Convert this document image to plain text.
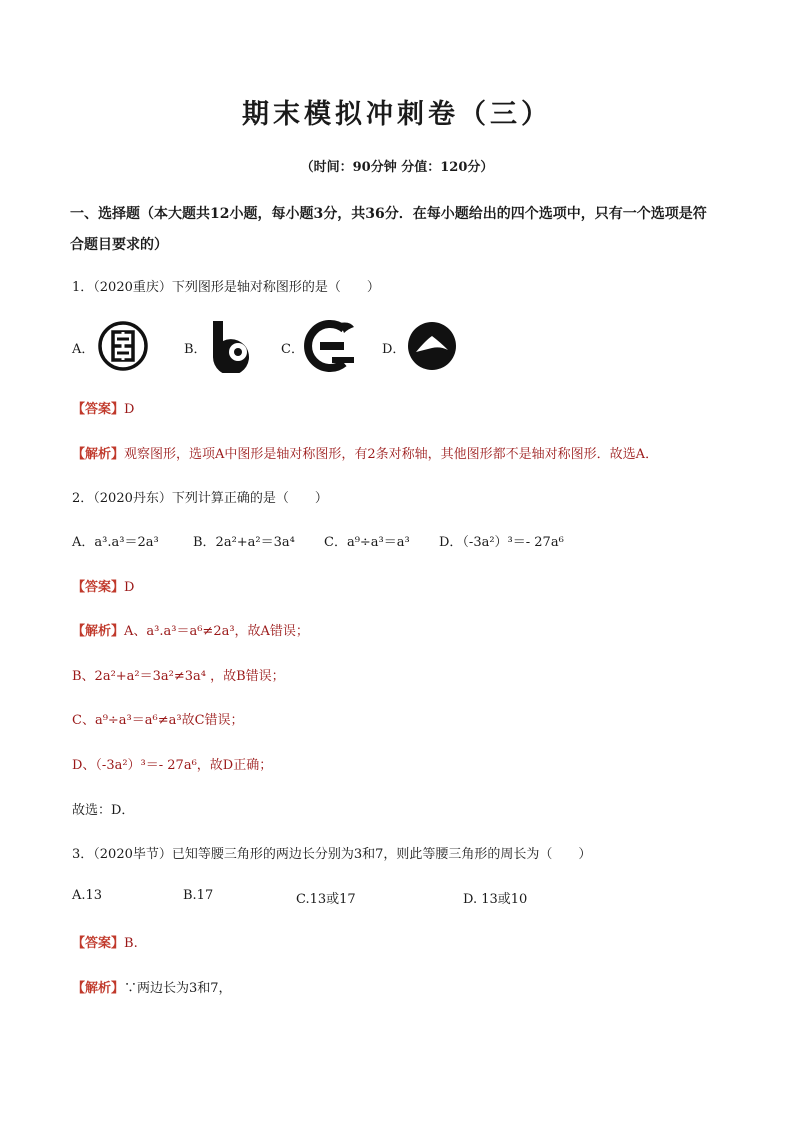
期末模拟冲刺卷（三）
（时间：90分钟 分值：120分）
一、选择题（本大题共12小题，每小题3分，共36分．在每小题给出的四个选项中，只有一个选项是符
合题目要求的）
1．（2020重庆）下列图形是轴对称图形的是（　　）
A．	B．	C．	D．
【答案】D
【解析】观察图形，选项A中图形是轴对称图形，有2条对称轴，其他图形都不是轴对称图形．故选A．
2．（2020丹东）下列计算正确的是（　　）
A．a³.a³＝2a³	B．2a²+a²＝3a⁴ C．a⁹÷a³＝a³ D．（-3a²）³＝- 27a⁶
【答案】D
【解析】A、a³.a³＝a⁶≠2a³，故A错误；
B、2a²+a²＝3a²≠3a⁴ ，故B错误；
C、a⁹÷a³＝a⁶≠a³故C错误；
D、（-3a²）³＝- 27a⁶，故D正确；
故选：D．
3．（2020毕节）已知等腰三角形的两边长分别为3和7，则此等腰三角形的周长为（　　）
A.13	B.17	C.13或17	D. 13或10
【答案】B.
【解析】∵两边长为3和7，
